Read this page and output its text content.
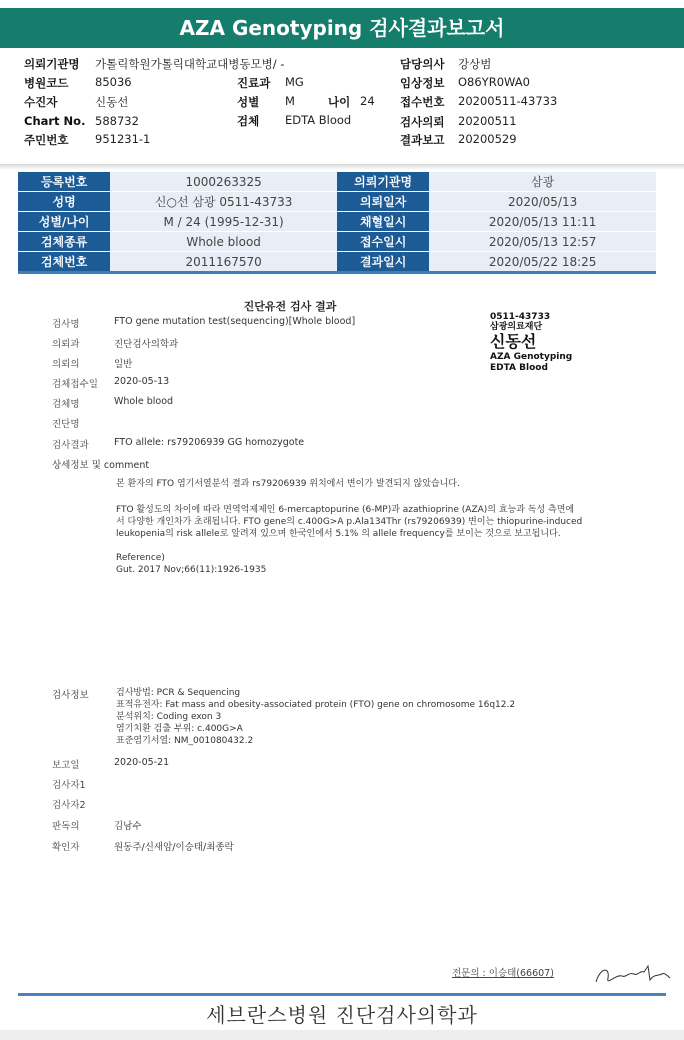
AZA Genotyping 검사결과보고서
의뢰기관명 가톨릭학원가톨릭대학교대병동모병/ -	담당의사 강상범
병원코드 85036	진료과 MG	임상정보 O86YR0WA0
수진자	신동선	성별 M	나이 24 접수번호 20200511-43733
Chart No. 588732	검체 EDTA Blood	검사의뢰 20200511
주민번호 951231-1	결과보고 20200529
등록번호	1000263325	의뢰기관명	삼광
성명	신○선 삼광 0511-43733	의뢰일자	2020/05/13
성별/나이	M / 24 (1995-12-31)	채혈일시	2020/05/13 11:11
검체종류	Whole blood	접수일시	2020/05/13 12:57
검체번호	2011167570	결과일시	2020/05/22 18:25
진단유전 검사 결과
0511-43733
삼광의료재단
신동선
AZA Genotyping
EDTA Blood
검사명	FTO gene mutation test(sequencing)[Whole blood]
의뢰과	진단검사의학과
의뢰의	일반
검체접수일 2020-05-13
검체명	Whole blood
진단명
검사결과	FTO allele: rs79206939 GG homozygote
상세정보 및 comment
본 환자의 FTO 염기서열분석 결과 rs79206939 위치에서 변이가 발견되지 않았습니다.
FTO 활성도의 차이에 따라 면역억제제인 6-mercaptopurine (6-MP)과 azathioprine (AZA)의 효능과 독성 측면에
서 다양한 개인차가 초래됩니다. FTO gene의 c.400G>A p.Ala134Thr (rs79206939) 변이는 thiopurine-induced
leukopenia의 risk allele로 알려져 있으며 한국인에서 5.1% 의 allele frequency를 보이는 것으로 보고됩니다.
Reference)
Gut. 2017 Nov;66(11):1926-1935
검사정보	검사방법: PCR & Sequencing
표적유전자: Fat mass and obesity-associated protein (FTO) gene on chromosome 16q12.2
분석위치: Coding exon 3
염기치환 검출 부위: c.400G>A
표준염기서열: NM_001080432.2
보고일	2020-05-21
검사자1
검사자2
판독의	김남수
확인자	원동주/신새암/이승태/최종락
전문의 : 이승태(66607)
세브란스병원 진단검사의학과
